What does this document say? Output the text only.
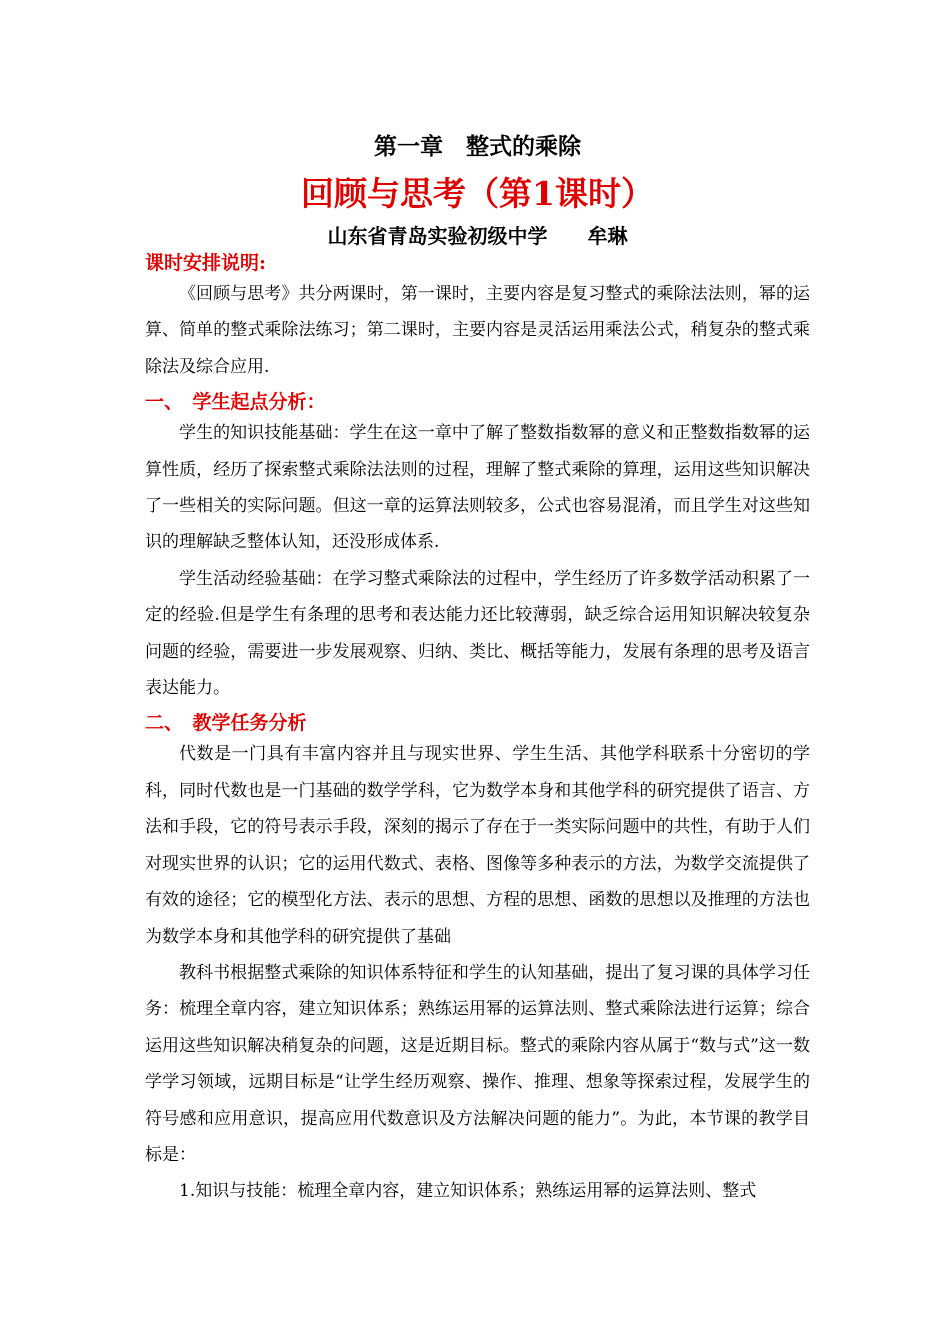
第一章　整式的乘除
回顾与思考（第1课时）
山东省青岛实验初级中学　　牟琳
课时安排说明:

《回顾与思考》共分两课时，第一课时，主要内容是复习整式的乘除法法则，幂的运算、简单的整式乘除法练习；第二课时，主要内容是灵活运用乘法公式，稍复杂的整式乘除法及综合应用.

一、　学生起点分析：

学生的知识技能基础：学生在这一章中了解了整数指数幂的意义和正整数指数幂的运算性质，经历了探索整式乘除法法则的过程，理解了整式乘除的算理，运用这些知识解决了一些相关的实际问题。但这一章的运算法则较多，公式也容易混淆，而且学生对这些知识的理解缺乏整体认知，还没形成体系.

学生活动经验基础：在学习整式乘除法的过程中，学生经历了许多数学活动积累了一定的经验.但是学生有条理的思考和表达能力还比较薄弱，缺乏综合运用知识解决较复杂问题的经验，需要进一步发展观察、归纳、类比、概括等能力，发展有条理的思考及语言表达能力。

二、　教学任务分析

代数是一门具有丰富内容并且与现实世界、学生生活、其他学科联系十分密切的学科，同时代数也是一门基础的数学学科，它为数学本身和其他学科的研究提供了语言、方法和手段，它的符号表示手段，深刻的揭示了存在于一类实际问题中的共性，有助于人们对现实世界的认识；它的运用代数式、表格、图像等多种表示的方法，为数学交流提供了有效的途径；它的模型化方法、表示的思想、方程的思想、函数的思想以及推理的方法也为数学本身和其他学科的研究提供了基础

教科书根据整式乘除的知识体系特征和学生的认知基础，提出了复习课的具体学习任务：梳理全章内容，建立知识体系；熟练运用幂的运算法则、整式乘除法进行运算；综合运用这些知识解决稍复杂的问题，这是近期目标。整式的乘除内容从属于“数与式”这一数学学习领域，远期目标是“让学生经历观察、操作、推理、想象等探索过程，发展学生的符号感和应用意识，提高应用代数意识及方法解决问题的能力”。为此，本节课的教学目标是：

1.知识与技能：梳理全章内容，建立知识体系；熟练运用幂的运算法则、整式
